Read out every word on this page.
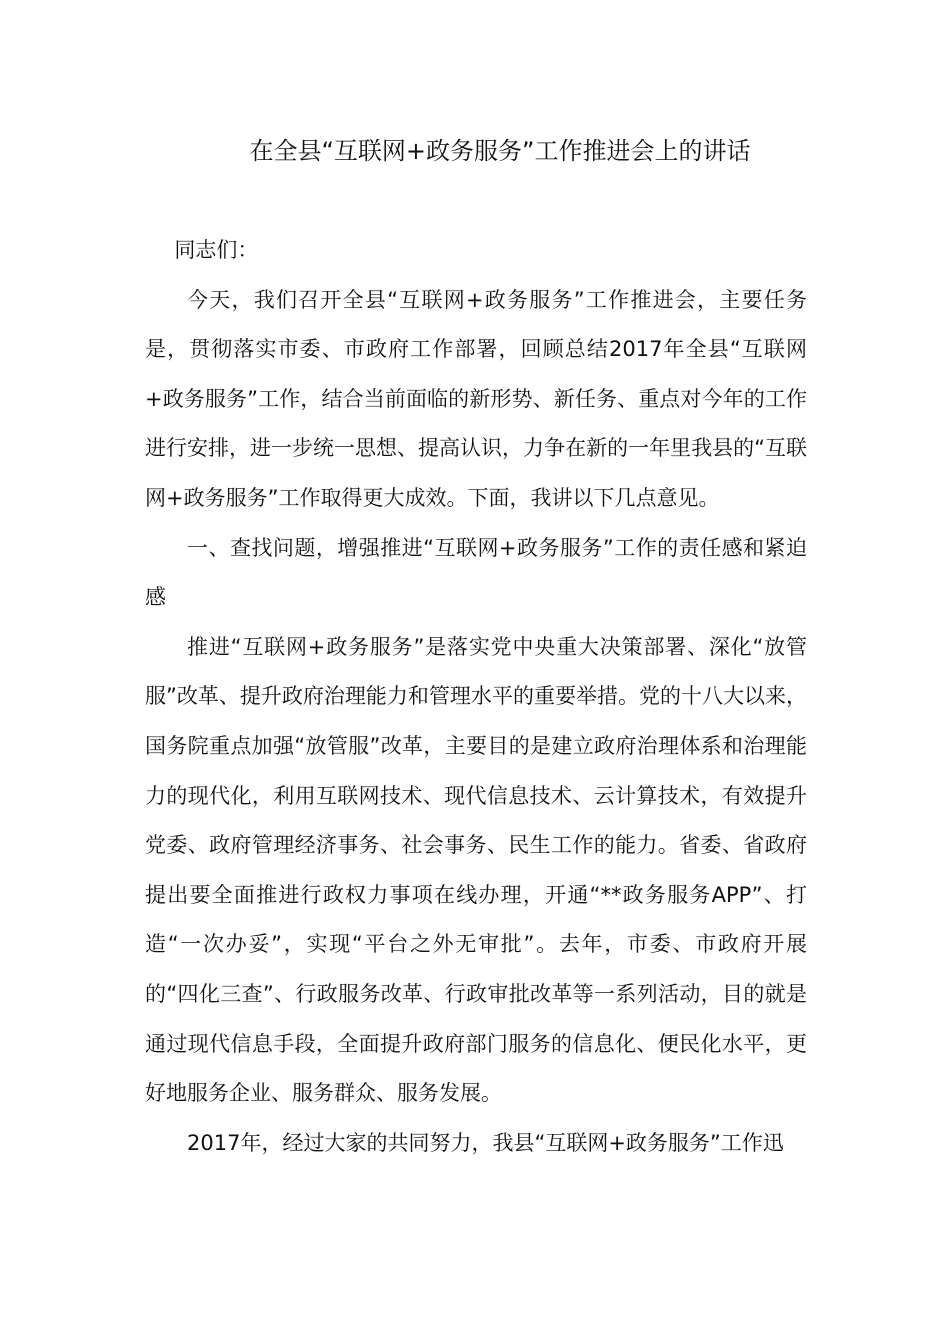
在全县“互联网+政务服务”工作推进会上的讲话

同志们：

今天，我们召开全县“互联网+政务服务”工作推进会，主要任务是，贯彻落实市委、市政府工作部署，回顾总结2017年全县“互联网+政务服务”工作，结合当前面临的新形势、新任务、重点对今年的工作进行安排，进一步统一思想、提高认识，力争在新的一年里我县的“互联网+政务服务”工作取得更大成效。下面，我讲以下几点意见。

一、查找问题，增强推进“互联网+政务服务”工作的责任感和紧迫感

推进“互联网+政务服务”是落实党中央重大决策部署、深化“放管服”改革、提升政府治理能力和管理水平的重要举措。党的十八大以来，国务院重点加强“放管服”改革，主要目的是建立政府治理体系和治理能力的现代化，利用互联网技术、现代信息技术、云计算技术，有效提升党委、政府管理经济事务、社会事务、民生工作的能力。省委、省政府提出要全面推进行政权力事项在线办理，开通“**政务服务APP”、打造“一次办妥”，实现“平台之外无审批”。去年，市委、市政府开展的“四化三查”、行政服务改革、行政审批改革等一系列活动，目的就是通过现代信息手段，全面提升政府部门服务的信息化、便民化水平，更好地服务企业、服务群众、服务发展。

2017年，经过大家的共同努力，我县“互联网+政务服务”工作迅
